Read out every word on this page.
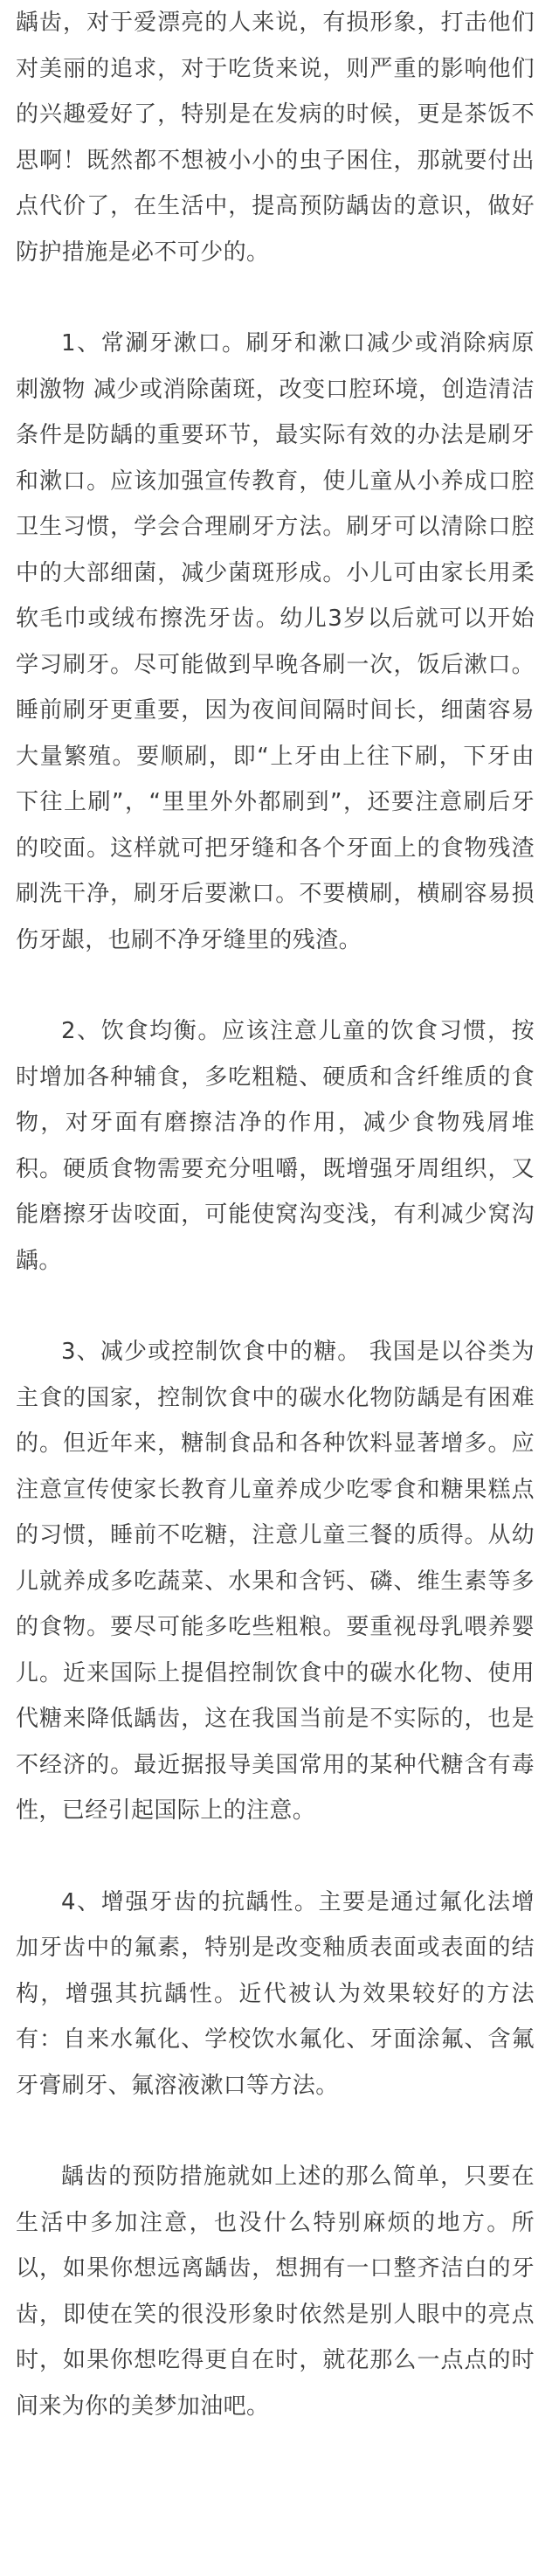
龋齿，对于爱漂亮的人来说，有损形象，打击他们对美丽的追求，对于吃货来说，则严重的影响他们的兴趣爱好了，特别是在发病的时候，更是茶饭不思啊！既然都不想被小小的虫子困住，那就要付出点代价了，在生活中，提高预防龋齿的意识，做好防护措施是必不可少的。

1、常涮牙漱口。刷牙和漱口减少或消除病原刺激物 减少或消除菌斑，改变口腔环境，创造清洁条件是防龋的重要环节，最实际有效的办法是刷牙和漱口。应该加强宣传教育，使儿童从小养成口腔卫生习惯，学会合理刷牙方法。刷牙可以清除口腔中的大部细菌，减少菌斑形成。小儿可由家长用柔软毛巾或绒布擦洗牙齿。幼儿3岁以后就可以开始学习刷牙。尽可能做到早晚各刷一次，饭后漱口。睡前刷牙更重要，因为夜间间隔时间长，细菌容易大量繁殖。要顺刷，即“上牙由上往下刷，下牙由下往上刷”，“里里外外都刷到”，还要注意刷后牙的咬面。这样就可把牙缝和各个牙面上的食物残渣刷洗干净，刷牙后要漱口。不要横刷，横刷容易损伤牙龈，也刷不净牙缝里的残渣。

2、饮食均衡。应该注意儿童的饮食习惯，按时增加各种辅食，多吃粗糙、硬质和含纤维质的食物，对牙面有磨擦洁净的作用，减少食物残屑堆积。硬质食物需要充分咀嚼，既增强牙周组织，又能磨擦牙齿咬面，可能使窝沟变浅，有利减少窝沟龋。

3、减少或控制饮食中的糖。 我国是以谷类为主食的国家，控制饮食中的碳水化物防龋是有困难的。但近年来，糖制食品和各种饮料显著增多。应注意宣传使家长教育儿童养成少吃零食和糖果糕点的习惯，睡前不吃糖，注意儿童三餐的质得。从幼儿就养成多吃蔬菜、水果和含钙、磷、维生素等多的食物。要尽可能多吃些粗粮。要重视母乳喂养婴儿。近来国际上提倡控制饮食中的碳水化物、使用代糖来降低龋齿，这在我国当前是不实际的，也是不经济的。最近据报导美国常用的某种代糖含有毒性，已经引起国际上的注意。

4、增强牙齿的抗龋性。主要是通过氟化法增加牙齿中的氟素，特别是改变釉质表面或表面的结构，增强其抗龋性。近代被认为效果较好的方法有：自来水氟化、学校饮水氟化、牙面涂氟、含氟牙膏刷牙、氟溶液漱口等方法。

龋齿的预防措施就如上述的那么简单，只要在生活中多加注意，也没什么特别麻烦的地方。所以，如果你想远离龋齿，想拥有一口整齐洁白的牙齿，即使在笑的很没形象时依然是别人眼中的亮点时，如果你想吃得更自在时，就花那么一点点的时间来为你的美梦加油吧。
